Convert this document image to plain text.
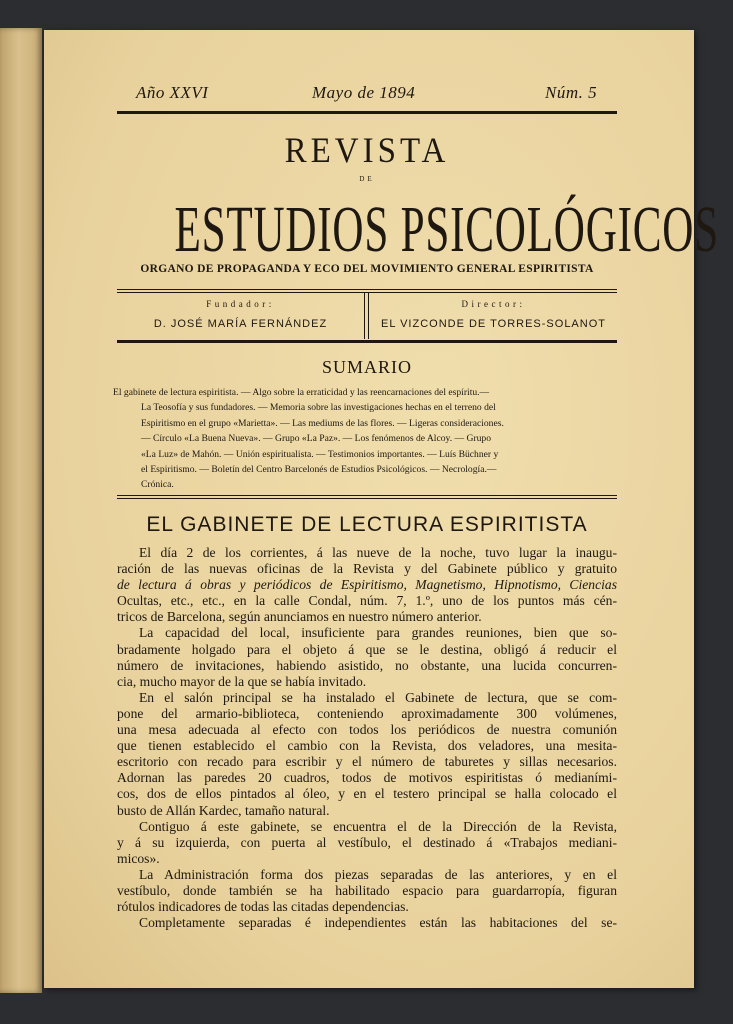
Año XXVI	Mayo de 1894	Núm. 5
REVISTA
DE
ESTUDIOS PSICOLÓGICOS
ORGANO DE PROPAGANDA Y ECO DEL MOVIMIENTO GENERAL ESPIRITISTA
Fundador:
D. JOSÉ MARÍA FERNÁNDEZ
Director:
EL VIZCONDE DE TORRES-SOLANOT
SUMARIO
El gabinete de lectura espiritista. — Algo sobre la erraticidad y las reencarnaciones del espíritu.—
La Teosofía y sus fundadores. — Memoria sobre las investigaciones hechas en el terreno del
Espiritismo en el grupo «Marietta». — Las mediums de las flores. — Ligeras consideraciones.
— Círculo «La Buena Nueva». — Grupo «La Paz». — Los fenómenos de Alcoy. — Grupo
«La Luz» de Mahón. — Unión espiritualista. — Testimonios importantes. — Luís Büchner y
el Espiritismo. — Boletín del Centro Barcelonés de Estudios Psicológicos. — Necrología.—
Crónica.
EL GABINETE DE LECTURA ESPIRITISTA
El día 2 de los corrientes, á las nueve de la noche, tuvo lugar la inaugu-
ración de las nuevas oficinas de la Revista y del Gabinete público y gratuito
de lectura á obras y periódicos de Espiritismo, Magnetismo, Hipnotismo, Ciencias
Ocultas, etc., etc., en la calle Condal, núm. 7, 1.º, uno de los puntos más cén-
tricos de Barcelona, según anunciamos en nuestro número anterior.
La capacidad del local, insuficiente para grandes reuniones, bien que so-
bradamente holgado para el objeto á que se le destina, obligó á reducir el
número de invitaciones, habiendo asistido, no obstante, una lucida concurren-
cia, mucho mayor de la que se había invitado.
En el salón principal se ha instalado el Gabinete de lectura, que se com-
pone del armario-biblioteca, conteniendo aproximadamente 300 volúmenes,
una mesa adecuada al efecto con todos los periódicos de nuestra comunión
que tienen establecido el cambio con la Revista, dos veladores, una mesita-
escritorio con recado para escribir y el número de taburetes y sillas necesarios.
Adornan las paredes 20 cuadros, todos de motivos espiritistas ó medianími-
cos, dos de ellos pintados al óleo, y en el testero principal se halla colocado el
busto de Allán Kardec, tamaño natural.
Contiguo á este gabinete, se encuentra el de la Dirección de la Revista,
y á su izquierda, con puerta al vestíbulo, el destinado á «Trabajos mediani-
micos».
La Administración forma dos piezas separadas de las anteriores, y en el
vestíbulo, donde también se ha habilitado espacio para guardarropía, figuran
rótulos indicadores de todas las citadas dependencias.
Completamente separadas é independientes están las habitaciones del se-
